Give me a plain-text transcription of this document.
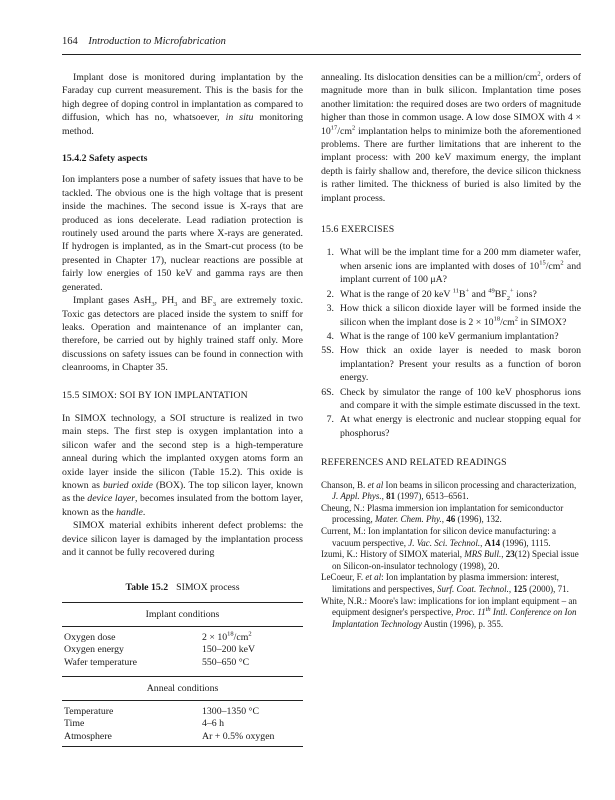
164 Introduction to Microfabrication

Implant dose is monitored during implantation by the Faraday cup current measurement. This is the basis for the high degree of doping control in implantation as compared to diffusion, which has no, whatsoever, in situ monitoring method.

15.4.2 Safety aspects

Ion implanters pose a number of safety issues that have to be tackled. The obvious one is the high voltage that is present inside the machines. The second issue is X-rays that are produced as ions decelerate. Lead radiation protection is routinely used around the parts where X-rays are generated. If hydrogen is implanted, as in the Smart-cut process (to be presented in Chapter 17), nuclear reactions are possible at fairly low energies of 150 keV and gamma rays are then generated.

Implant gases AsH$_3$, $PH_3$ and $BF_3$ are extremely toxic. Toxic gas detectors are placed inside the system to sniff for leaks. Operation and maintenance of an implanter can, therefore, be carried out by highly trained staff only. More discussions on safety issues can be found in connection with cleanrooms, in Chapter 35.

15.5 SIMOX: SOI BY ION IMPLANTATION

In SIMOX technology, a SOI structure is realized in two main steps. The first step is oxygen implantation into a silicon wafer and the second step is a high-temperature anneal during which the implanted oxygen atoms form an oxide layer inside the silicon (Table 15.2). This oxide is known as buried oxide (BOX). The top silicon layer, known as the device layer, becomes insulated from the bottom layer, known as the handle.

SIMOX material exhibits inherent defect problems: the device silicon layer is damaged by the implantation process and it cannot be fully recovered during

Table 15.2 SIMOX process
Implant conditions
Oxygen dose	$2 \times 10^{18}/cm^2$
Oxygen energy	150–200 keV
Wafer temperature	550–650 °C
Anneal conditions
Temperature	1300–1350 °C
Time	4–6 h
Atmosphere	Ar + 0.5% oxygen

annealing. Its dislocation densities can be a million/$cm^2$, orders of magnitude more than in bulk silicon. Implantation time poses another limitation: the required doses are two orders of magnitude higher than those in common usage. A low dose SIMOX with $4 \times 10^{17}/cm^2$ implantation helps to minimize both the aforementioned problems. There are further limitations that are inherent to the implant process: with 200 keV maximum energy, the implant depth is fairly shallow and, therefore, the device silicon thickness is rather limited. The thickness of buried is also limited by the implant process.

15.6 EXERCISES
1. What will be the implant time for a 200 mm diameter wafer, when arsenic ions are implanted with doses of $10^{15}/cm^2$ and implant current of 100 μA?
2. What is the range of 20 keV $^{11}$B+ and $^{49}BF_2^+$ ions?
3. How thick a silicon dioxide layer will be formed inside the silicon when the implant dose is $2 \times 10^{18}/cm^2$ in SIMOX?
4. What is the range of 100 keV germanium implantation?
5S. How thick an oxide layer is needed to mask boron implantation? Present your results as a function of boron energy.
6S. Check by simulator the range of 100 keV phosphorus ions and compare it with the simple estimate discussed in the text.
7. At what energy is electronic and nuclear stopping equal for phosphorus?
REFERENCES AND RELATED READINGS
Chanson, B. et al Ion beams in silicon processing and characterization, J. Appl. Phys., 81 (1997), 6513–6561.
Cheung, N.: Plasma immersion ion implantation for semiconductor processing, Mater. Chem. Phy., 46 (1996), 132.
Current, M.: Ion implantation for silicon device manufacturing: a vacuum perspective, J. Vac. Sci. Technol., A14 (1996), 1115.
Izumi, K.: History of SIMOX material, MRS Bull., 23(12) Special issue on Silicon-on-insulator technology (1998), 20.
LeCoeur, F. et al: Ion implantation by plasma immersion: interest, limitations and perspectives, Surf. Coat. Technol., 125 (2000), 71.
White, N.R.: Moore's law: implications for ion implant equipment – an equipment designer's perspective, Proc. 11th Intl. Conference on Ion Implantation Technology Austin (1996), p. 355.
